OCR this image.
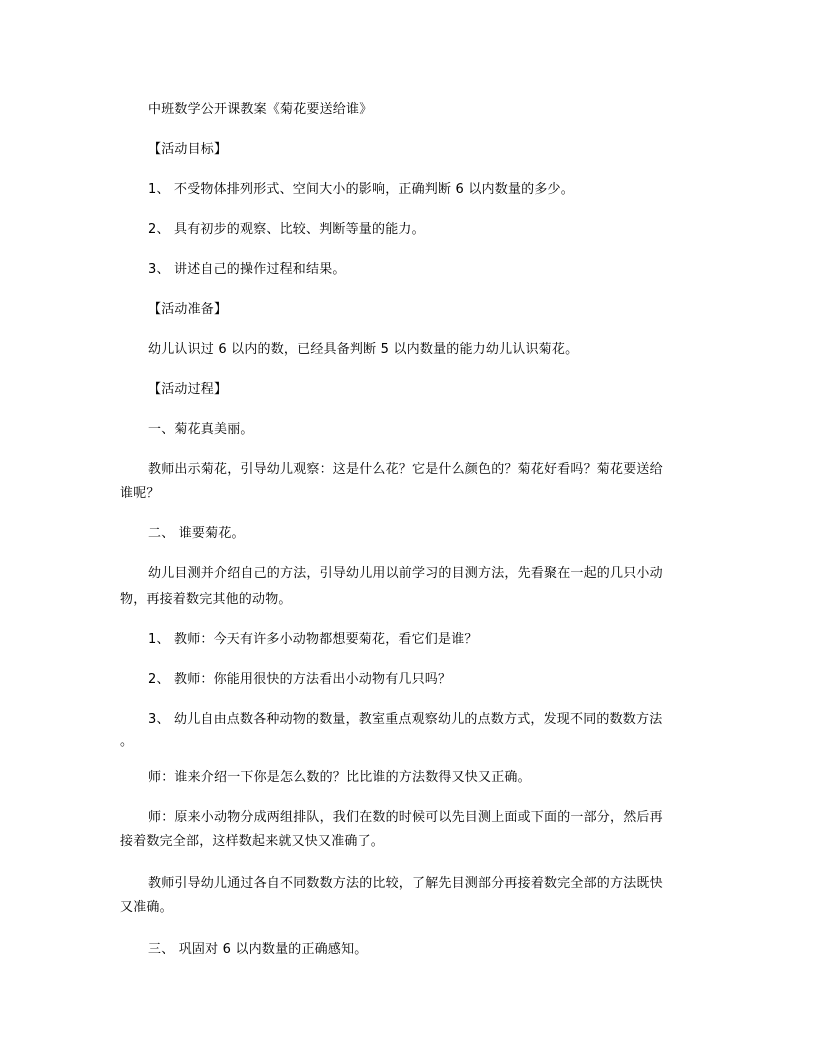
中班数学公开课教案《菊花要送给谁》
【活动目标】
1、 不受物体排列形式、空间大小的影响，正确判断 6 以内数量的多少。
2、 具有初步的观察、比较、判断等量的能力。
3、 讲述自己的操作过程和结果。
【活动准备】
幼儿认识过 6 以内的数，已经具备判断 5 以内数量的能力幼儿认识菊花。
【活动过程】
一、菊花真美丽。
教师出示菊花，引导幼儿观察：这是什么花？它是什么颜色的？菊花好看吗？菊花要送给
谁呢？
二、 谁要菊花。
幼儿目测并介绍自己的方法，引导幼儿用以前学习的目测方法，先看聚在一起的几只小动
物，再接着数完其他的动物。
1、 教师：今天有许多小动物都想要菊花，看它们是谁？
2、 教师：你能用很快的方法看出小动物有几只吗？
3、 幼儿自由点数各种动物的数量，教室重点观察幼儿的点数方式，发现不同的数数方法
。
师：谁来介绍一下你是怎么数的？比比谁的方法数得又快又正确。
师：原来小动物分成两组排队，我们在数的时候可以先目测上面或下面的一部分，然后再
接着数完全部，这样数起来就又快又准确了。
教师引导幼儿通过各自不同数数方法的比较，了解先目测部分再接着数完全部的方法既快
又准确。
三、 巩固对 6 以内数量的正确感知。
